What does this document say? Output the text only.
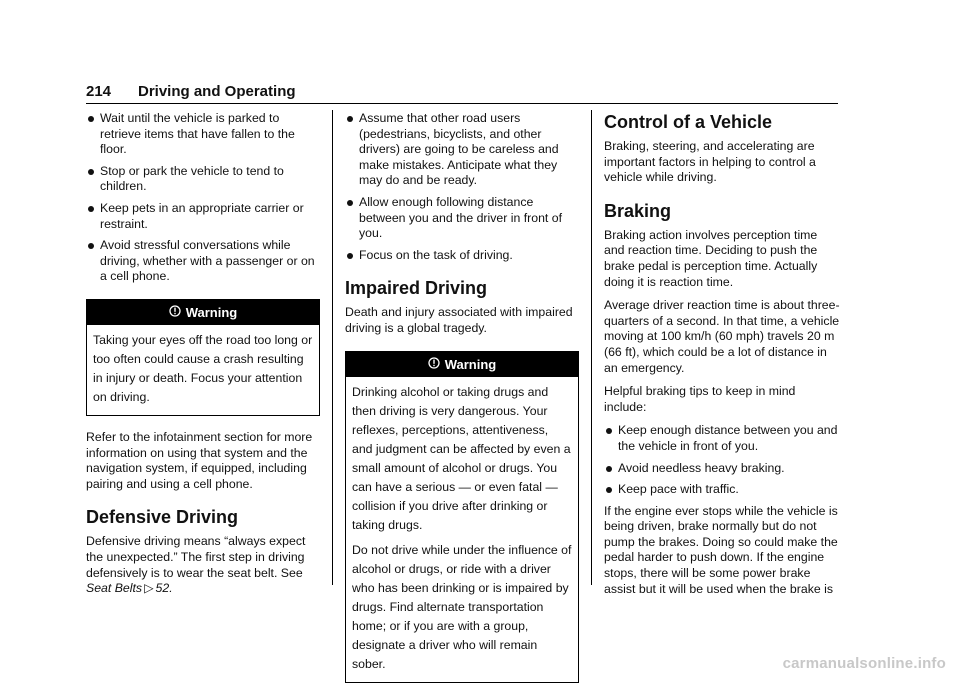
214 Driving and Operating
Wait until the vehicle is parked to retrieve items that have fallen to the floor.
Stop or park the vehicle to tend to children.
Keep pets in an appropriate carrier or restraint.
Avoid stressful conversations while driving, whether with a passenger or on a cell phone.
Warning

Taking your eyes off the road too long or too often could cause a crash resulting in injury or death. Focus your attention on driving.

Refer to the infotainment section for more information on using that system and the navigation system, if equipped, including pairing and using a cell phone.

Defensive Driving

Defensive driving means “always expect the unexpected.” The first step in driving defensively is to wear the seat belt. See
Seat Belts ▷ 52.

Assume that other road users (pedestrians, bicyclists, and other drivers) are going to be careless and make mistakes. Anticipate what they may do and be ready.
Allow enough following distance between you and the driver in front of you.
Focus on the task of driving.
Impaired Driving

Death and injury associated with impaired driving is a global tragedy.

Warning

Drinking alcohol or taking drugs and then driving is very dangerous. Your reflexes, perceptions, attentiveness, and judgment can be affected by even a small amount of alcohol or drugs. You can have a serious — or even fatal — collision if you drive after drinking or taking drugs.

Do not drive while under the influence of alcohol or drugs, or ride with a driver who has been drinking or is impaired by drugs. Find alternate transportation home; or if you are with a group, designate a driver who will remain sober.

Control of a Vehicle

Braking, steering, and accelerating are important factors in helping to control a vehicle while driving.

Braking

Braking action involves perception time and reaction time. Deciding to push the brake pedal is perception time. Actually doing it is reaction time.

Average driver reaction time is about three-quarters of a second. In that time, a vehicle moving at 100 km/h (60 mph) travels 20 m (66 ft), which could be a lot of distance in an emergency.

Helpful braking tips to keep in mind include:

Keep enough distance between you and the vehicle in front of you.
Avoid needless heavy braking.
Keep pace with traffic.

If the engine ever stops while the vehicle is being driven, brake normally but do not pump the brakes. Doing so could make the pedal harder to push down. If the engine stops, there will be some power brake assist but it will be used when the brake is

carmanualsonline.info
